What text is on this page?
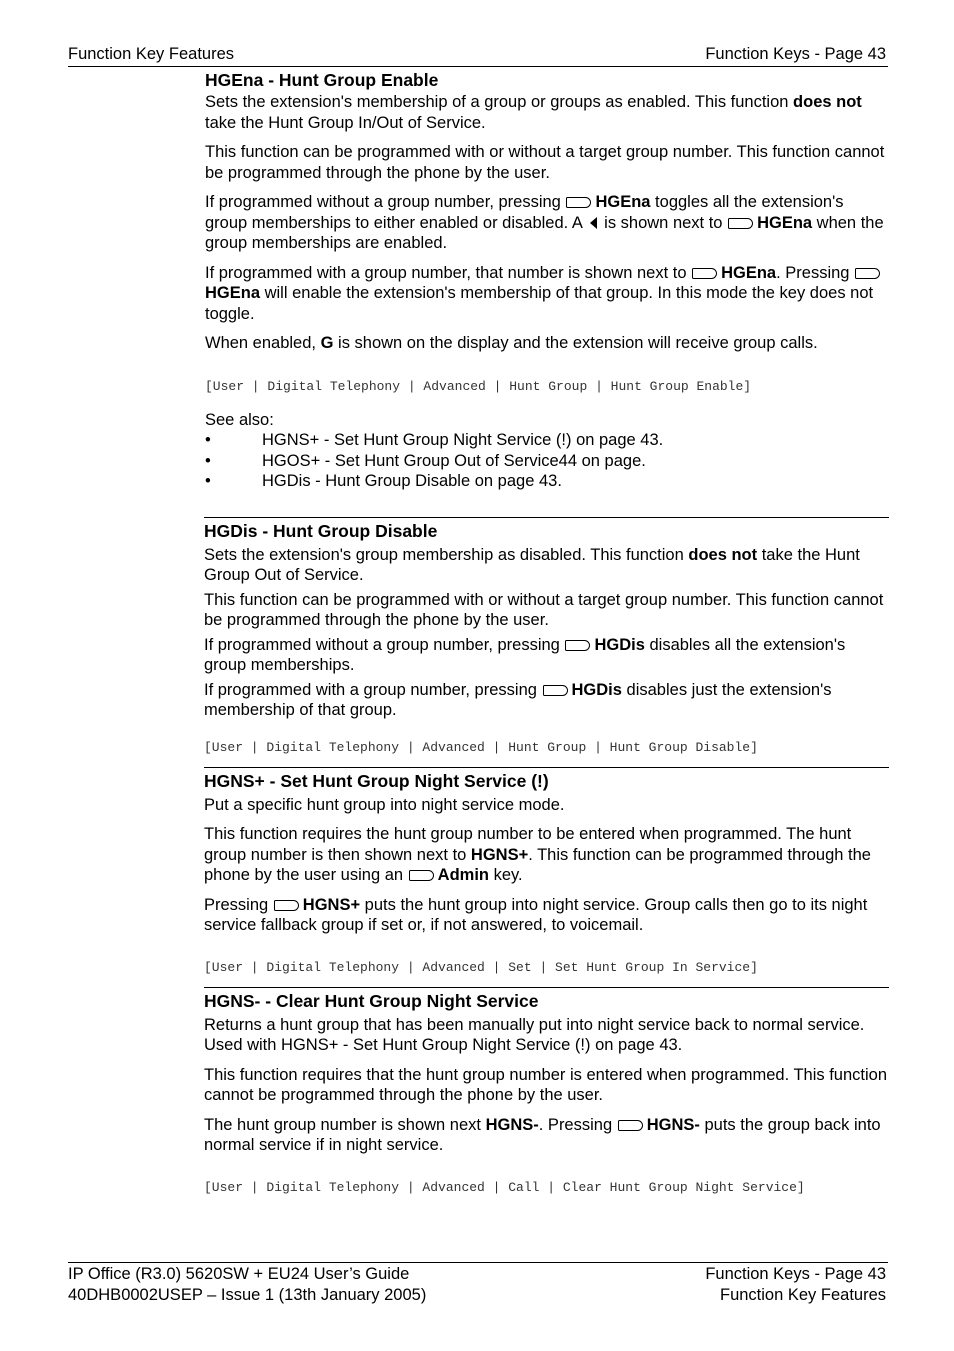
Function Key Features	Function Keys - Page 43
HGEna - Hunt Group Enable

Sets the extension's membership of a group or groups as enabled. This function does not take the Hunt Group In/Out of Service.

This function can be programmed with or without a target group number. This function cannot be programmed through the phone by the user.

If programmed without a group number, pressing HGEna toggles all the extension's group memberships to either enabled or disabled. A  is shown next to HGEna when the group memberships are enabled.

If programmed with a group number, that number is shown next to HGEna. Pressing HGEna will enable the extension's membership of that group. In this mode the key does not toggle.

When enabled, G is shown on the display and the extension will receive group calls.

[User | Digital Telephony | Advanced | Hunt Group | Hunt Group Enable]

See also:

• HGNS+ - Set Hunt Group Night Service (!) on page 43.
• HGOS+ - Set Hunt Group Out of Service44 on page.
• HGDis - Hunt Group Disable on page 43.
HGDis - Hunt Group Disable

Sets the extension's group membership as disabled. This function does not take the Hunt Group Out of Service.

This function can be programmed with or without a target group number. This function cannot be programmed through the phone by the user.

If programmed without a group number, pressing HGDis disables all the extension's group memberships.

If programmed with a group number, pressing HGDis disables just the extension's membership of that group.

[User | Digital Telephony | Advanced | Hunt Group | Hunt Group Disable]
HGNS+ - Set Hunt Group Night Service (!)

Put a specific hunt group into night service mode.

This function requires the hunt group number to be entered when programmed. The hunt group number is then shown next to HGNS+. This function can be programmed through the phone by the user using an Admin key.

Pressing HGNS+ puts the hunt group into night service. Group calls then go to its night service fallback group if set or, if not answered, to voicemail.

[User | Digital Telephony | Advanced | Set | Set Hunt Group In Service]
HGNS- - Clear Hunt Group Night Service

Returns a hunt group that has been manually put into night service back to normal service. Used with HGNS+ - Set Hunt Group Night Service (!) on page 43.

This function requires that the hunt group number is entered when programmed. This function cannot be programmed through the phone by the user.

The hunt group number is shown next HGNS-. Pressing HGNS- puts the group back into normal service if in night service.

[User | Digital Telephony | Advanced | Call | Clear Hunt Group Night Service]
IP Office (R3.0) 5620SW + EU24 User’s Guide	Function Keys - Page 43
40DHB0002USEP – Issue 1 (13th January 2005)	Function Key Features
